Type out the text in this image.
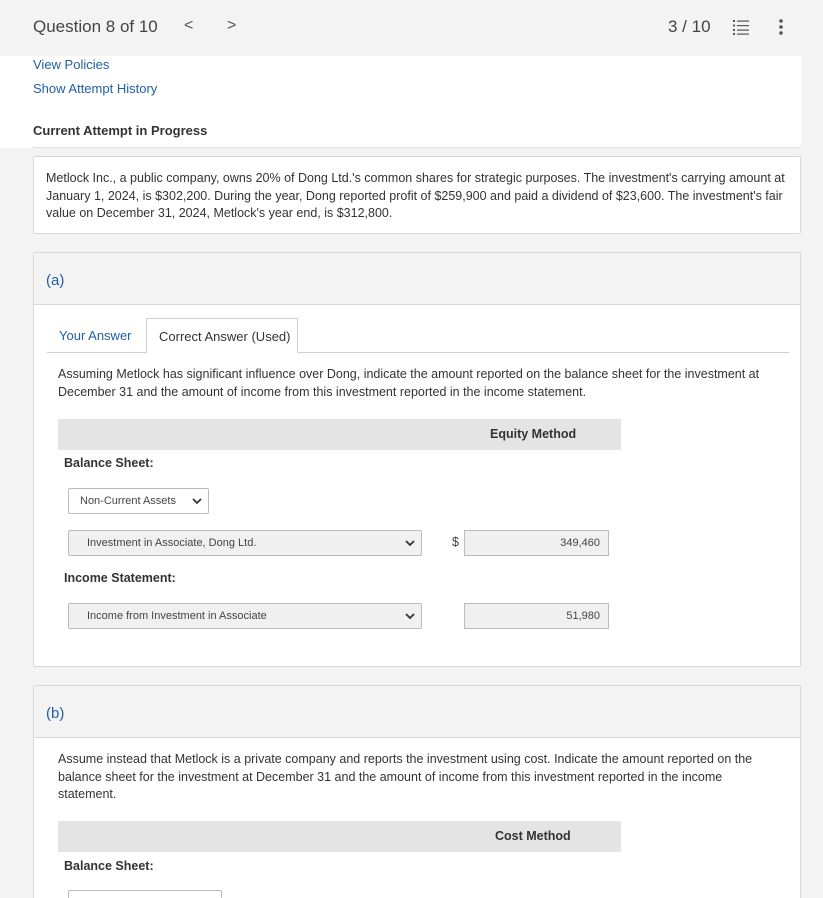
Question 8 of 10 < >	3 / 10
View Policies
Show Attempt History
Current Attempt in Progress
Metlock Inc., a public company, owns 20% of Dong Ltd.'s common shares for strategic purposes. The investment's carrying amount at January 1, 2024, is $302,200. During the year, Dong reported profit of $259,900 and paid a dividend of $23,600. The investment's fair value on December 31, 2024, Metlock's year end, is $312,800.
(a)
Your Answer	Correct Answer (Used)
Assuming Metlock has significant influence over Dong, indicate the amount reported on the balance sheet for the investment at December 31 and the amount of income from this investment reported in the income statement.
Equity Method
Balance Sheet:
Non-Current Assets
Investment in Associate, Dong Ltd.	$	349,460
Income Statement:
Income from Investment in Associate	51,980
(b)
Assume instead that Metlock is a private company and reports the investment using cost. Indicate the amount reported on the balance sheet for the investment at December 31 and the amount of income from this investment reported in the income statement.
Cost Method
Balance Sheet:
